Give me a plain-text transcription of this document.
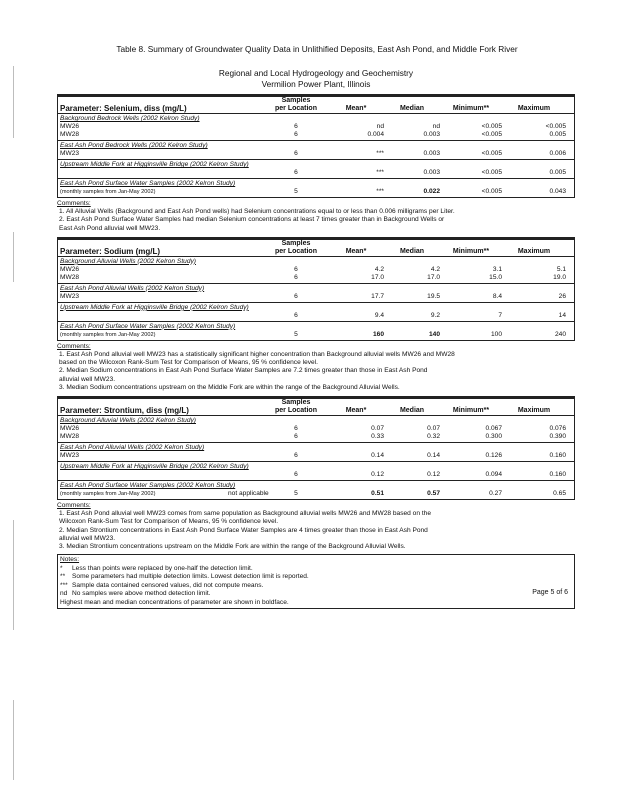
Table 8. Summary of Groundwater Quality Data in Unlithified Deposits, East Ash Pond, and Middle Fork River
Regional and Local Hydrogeology and Geochemistry
Vermilion Power Plant, Illinois
Parameter: Selenium, diss (mg/L)
Samples
per Location	Mean*	Median	Minimum**	Maximum
Background Bedrock Wells (2002 Kelron Study)
MW26	6	nd	nd	<0.005	<0.005
MW28	6	0.004	0.003	<0.005	0.005
East Ash Pond Bedrock Wells (2002 Kelron Study)
MW23	6	***	0.003	<0.005	0.006
Upstream Middle Fork at Higginsville Bridge (2002 Kelron Study)
6	***	0.003	<0.005	0.005
East Ash Pond Surface Water Samples (2002 Kelron Study)
(monthly samples from Jan-May 2002)	5	***	0.022	<0.005	0.043
Comments:
1. All Alluvial Wells (Background and East Ash Pond wells) had Selenium concentrations equal to or less than 0.006 milligrams per Liter.
2. East Ash Pond Surface Water Samples had median Selenium concentrations at least 7 times greater than in Background Wells or
East Ash Pond alluvial well MW23.
Parameter: Sodium (mg/L)
Samples
per Location	Mean*	Median	Minimum**	Maximum
Background Alluvial Wells (2002 Kelron Study)
MW26	6	4.2	4.2	3.1	5.1
MW28	6	17.0	17.0	15.0	19.0
East Ash Pond Alluvial Wells (2002 Kelron Study)
MW23	6	17.7	19.5	8.4	26
Upstream Middle Fork at Higginsville Bridge (2002 Kelron Study)
6	9.4	9.2	7	14
East Ash Pond Surface Water Samples (2002 Kelron Study)
(monthly samples from Jan-May 2002)	5	160	140	100	240
Comments:
1. East Ash Pond alluvial well MW23 has a statistically significant higher concentration than Background alluvial wells MW26 and MW28
based on the Wilcoxon Rank-Sum Test for Comparison of Means, 95 % confidence level.
2. Median Sodium concentrations in East Ash Pond Surface Water Samples are 7.2 times greater than those in East Ash Pond
alluvial well MW23.
3. Median Sodium concentrations upstream on the Middle Fork are within the range of the Background Alluvial Wells.
Parameter: Strontium, diss (mg/L)
Samples
per Location	Mean*	Median	Minimum**	Maximum
Background Alluvial Wells (2002 Kelron Study)
MW26	6	0.07	0.07	0.067	0.076
MW28	6	0.33	0.32	0.300	0.390
East Ash Pond Alluvial Wells (2002 Kelron Study)
MW23	6	0.14	0.14	0.126	0.160
Upstream Middle Fork at Higginsville Bridge (2002 Kelron Study)
6	0.12	0.12	0.094	0.160
East Ash Pond Surface Water Samples (2002 Kelron Study)
(monthly samples from Jan-May 2002)	not applicable	5	0.51	0.57	0.27	0.65
Comments:
1. East Ash Pond alluvial well MW23 comes from same population as Background alluvial wells MW26 and MW28 based on the
Wilcoxon Rank-Sum Test for Comparison of Means, 95 % confidence level.
2. Median Strontium concentrations in East Ash Pond Surface Water Samples are 4 times greater than those in East Ash Pond
alluvial well MW23.
3. Median Strontium concentrations upstream on the Middle Fork are within the range of the Background Alluvial Wells.
Notes:
*	Less than points were replaced by one-half the detection limit.
**	Some parameters had multiple detection limits. Lowest detection limit is reported.
*** Sample data contained censored values, did not compute means.
nd No samples were above method detection limit.
Highest mean and median concentrations of parameter are shown in boldface.
Page 5 of 6
